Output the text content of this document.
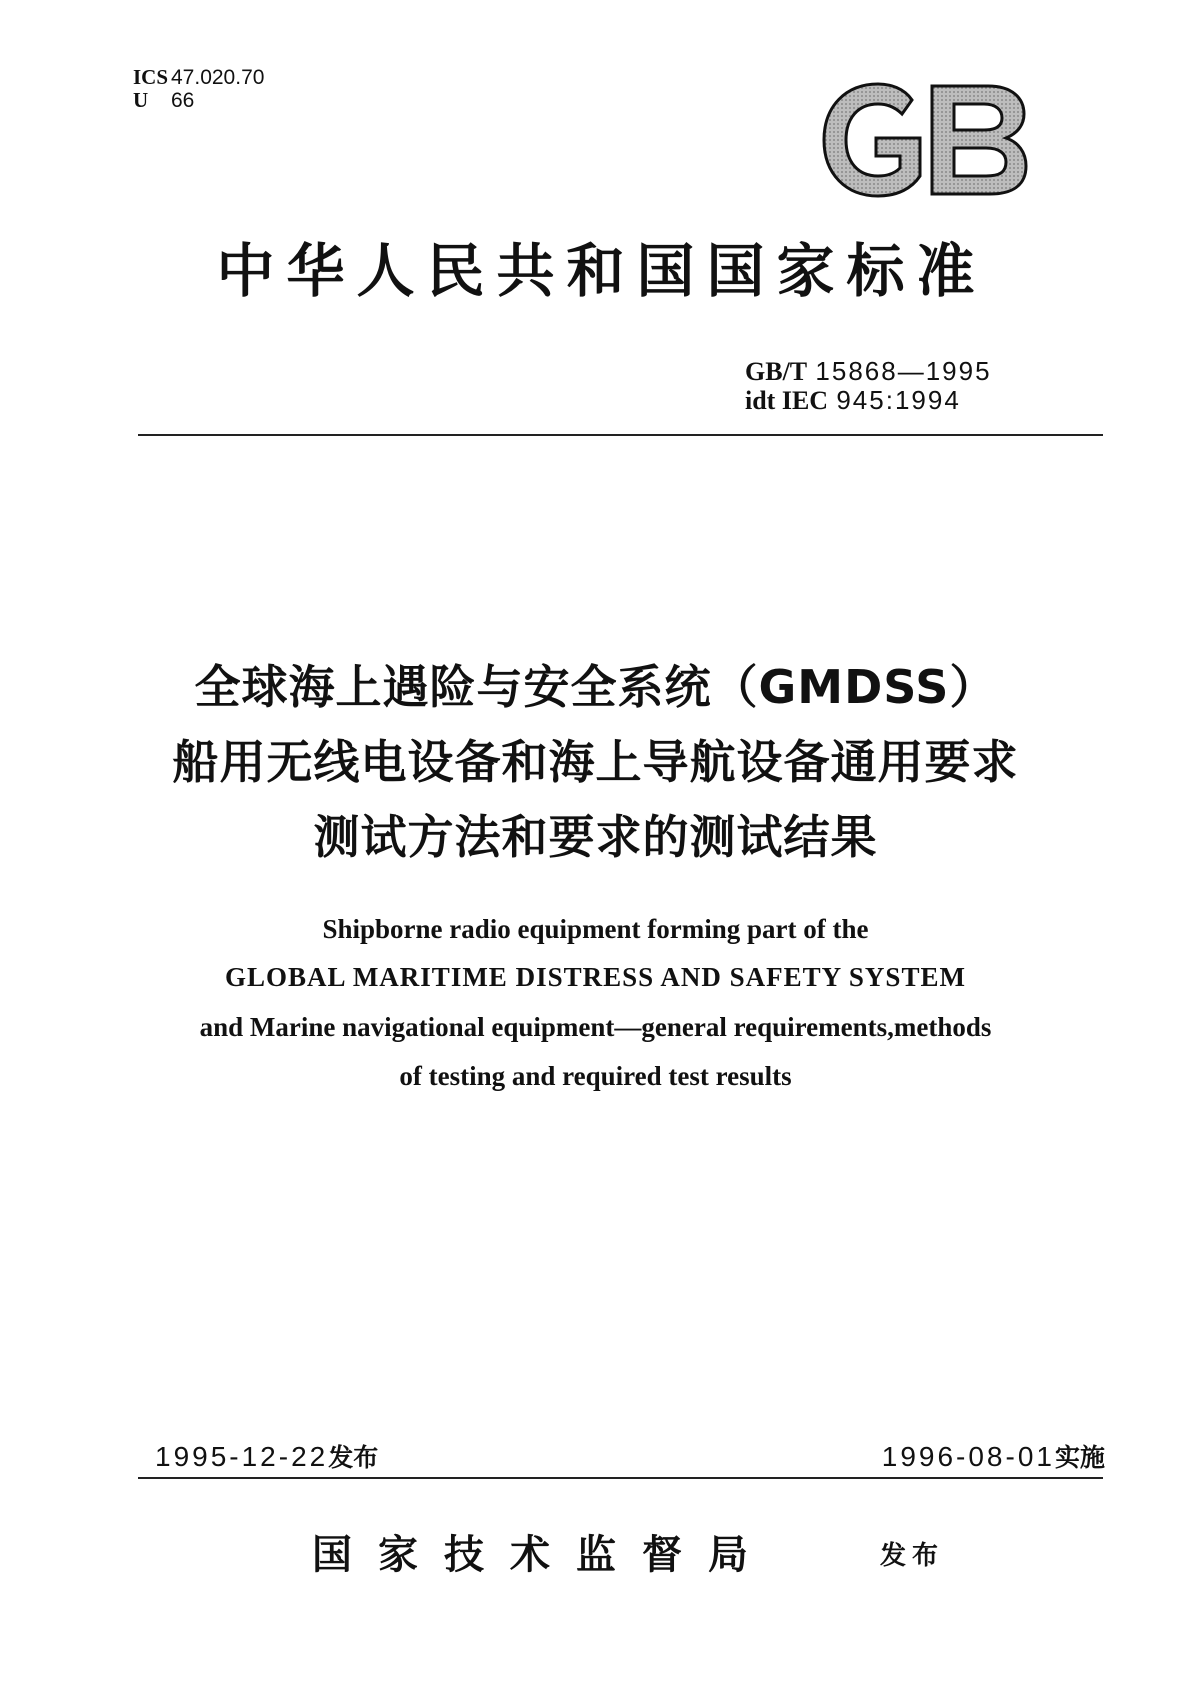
ICS 47.020.70
U 66
中华人民共和国国家标准
GB/T 15868—1995
idt IEC 945:1994
全球海上遇险与安全系统（GMDSS）
船用无线电设备和海上导航设备通用要求
测试方法和要求的测试结果
Shipborne radio equipment forming part of the
GLOBAL MARITIME DISTRESS AND SAFETY SYSTEM
and Marine navigational equipment—general requirements,methods
of testing and required test results
1995-12-22发布	1996-08-01实施
国家技术监督局	发布
